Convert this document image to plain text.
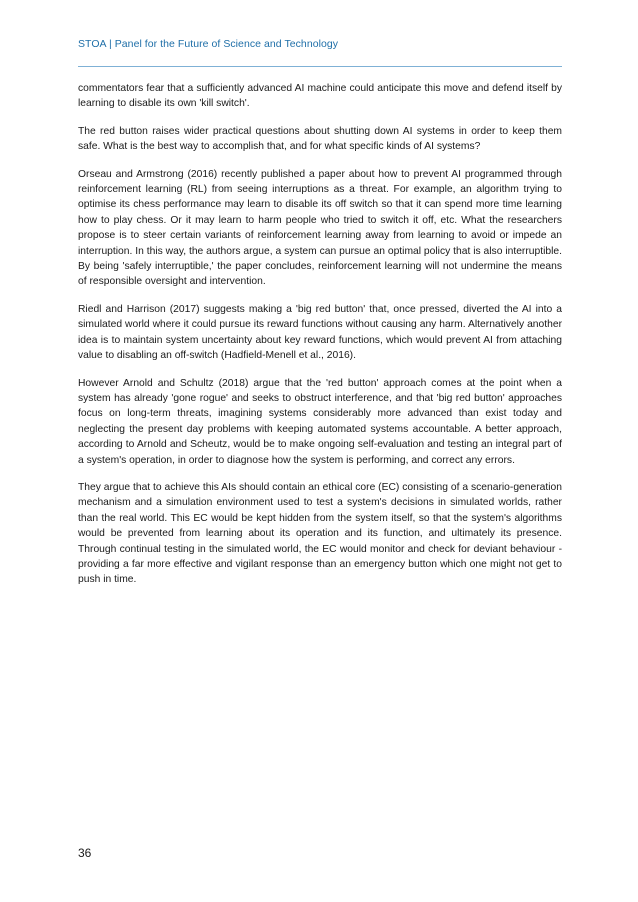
STOA | Panel for the Future of Science and Technology

commentators fear that a sufficiently advanced AI machine could anticipate this move and defend itself by learning to disable its own 'kill switch'.

The red button raises wider practical questions about shutting down AI systems in order to keep them safe. What is the best way to accomplish that, and for what specific kinds of AI systems?

Orseau and Armstrong (2016) recently published a paper about how to prevent AI programmed through reinforcement learning (RL) from seeing interruptions as a threat. For example, an algorithm trying to optimise its chess performance may learn to disable its off switch so that it can spend more time learning how to play chess. Or it may learn to harm people who tried to switch it off, etc. What the researchers propose is to steer certain variants of reinforcement learning away from learning to avoid or impede an interruption. In this way, the authors argue, a system can pursue an optimal policy that is also interruptible. By being 'safely interruptible,' the paper concludes, reinforcement learning will not undermine the means of responsible oversight and intervention.

Riedl and Harrison (2017) suggests making a 'big red button' that, once pressed, diverted the AI into a simulated world where it could pursue its reward functions without causing any harm. Alternatively another idea is to maintain system uncertainty about key reward functions, which would prevent AI from attaching value to disabling an off-switch (Hadfield-Menell et al., 2016).

However Arnold and Schultz (2018) argue that the 'red button' approach comes at the point when a system has already 'gone rogue' and seeks to obstruct interference, and that 'big red button' approaches focus on long-term threats, imagining systems considerably more advanced than exist today and neglecting the present day problems with keeping automated systems accountable. A better approach, according to Arnold and Scheutz, would be to make ongoing self-evaluation and testing an integral part of a system's operation, in order to diagnose how the system is performing, and correct any errors.

They argue that to achieve this AIs should contain an ethical core (EC) consisting of a scenario-generation mechanism and a simulation environment used to test a system's decisions in simulated worlds, rather than the real world. This EC would be kept hidden from the system itself, so that the system's algorithms would be prevented from learning about its operation and its function, and ultimately its presence. Through continual testing in the simulated world, the EC would monitor and check for deviant behaviour - providing a far more effective and vigilant response than an emergency button which one might not get to push in time.

36
